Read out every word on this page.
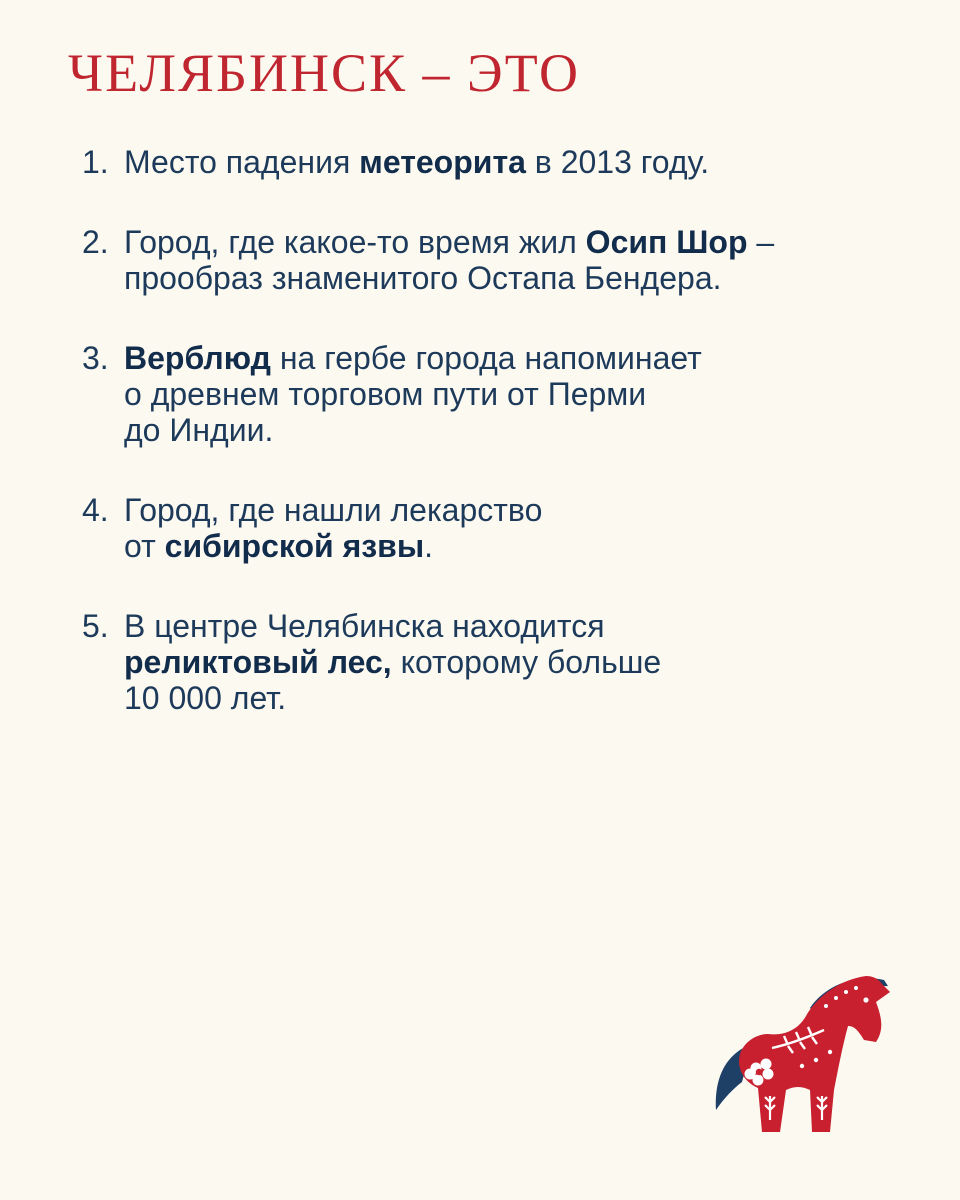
ЧЕЛЯБИНСК – ЭТО
1. Место падения метеорита в 2013 году.
2. Город, где какое-то время жил Осип Шор –
прообраз знаменитого Остапа Бендера.
3. Верблюд на гербе города напоминает
о древнем торговом пути от Перми
до Индии.
4. Город, где нашли лекарство
от сибирской язвы.
5. В центре Челябинска находится
реликтовый лес, которому больше
10 000 лет.
